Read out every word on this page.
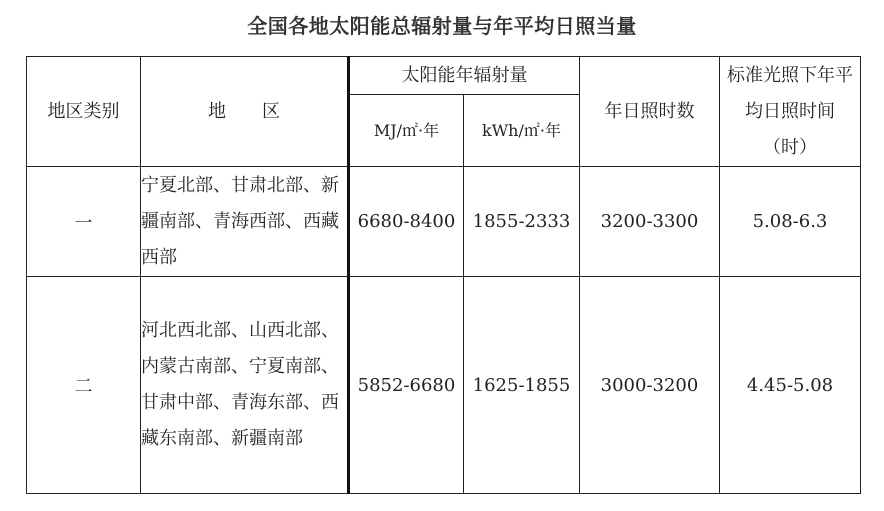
全国各地太阳能总辐射量与年平均日照当量
地区类别	地　　区	太阳能年辐射量		年日照时数	标准光照下年平均日照时间（时）
		MJ/㎡·年	kWh/㎡·年		
一	宁夏北部、甘肃北部、新疆南部、青海西部、西藏西部	6680-8400	1855-2333	3200-3300	5.08-6.3
二	河北西北部、山西北部、内蒙古南部、宁夏南部、甘肃中部、青海东部、西藏东南部、新疆南部	5852-6680	1625-1855	3000-3200	4.45-5.08
